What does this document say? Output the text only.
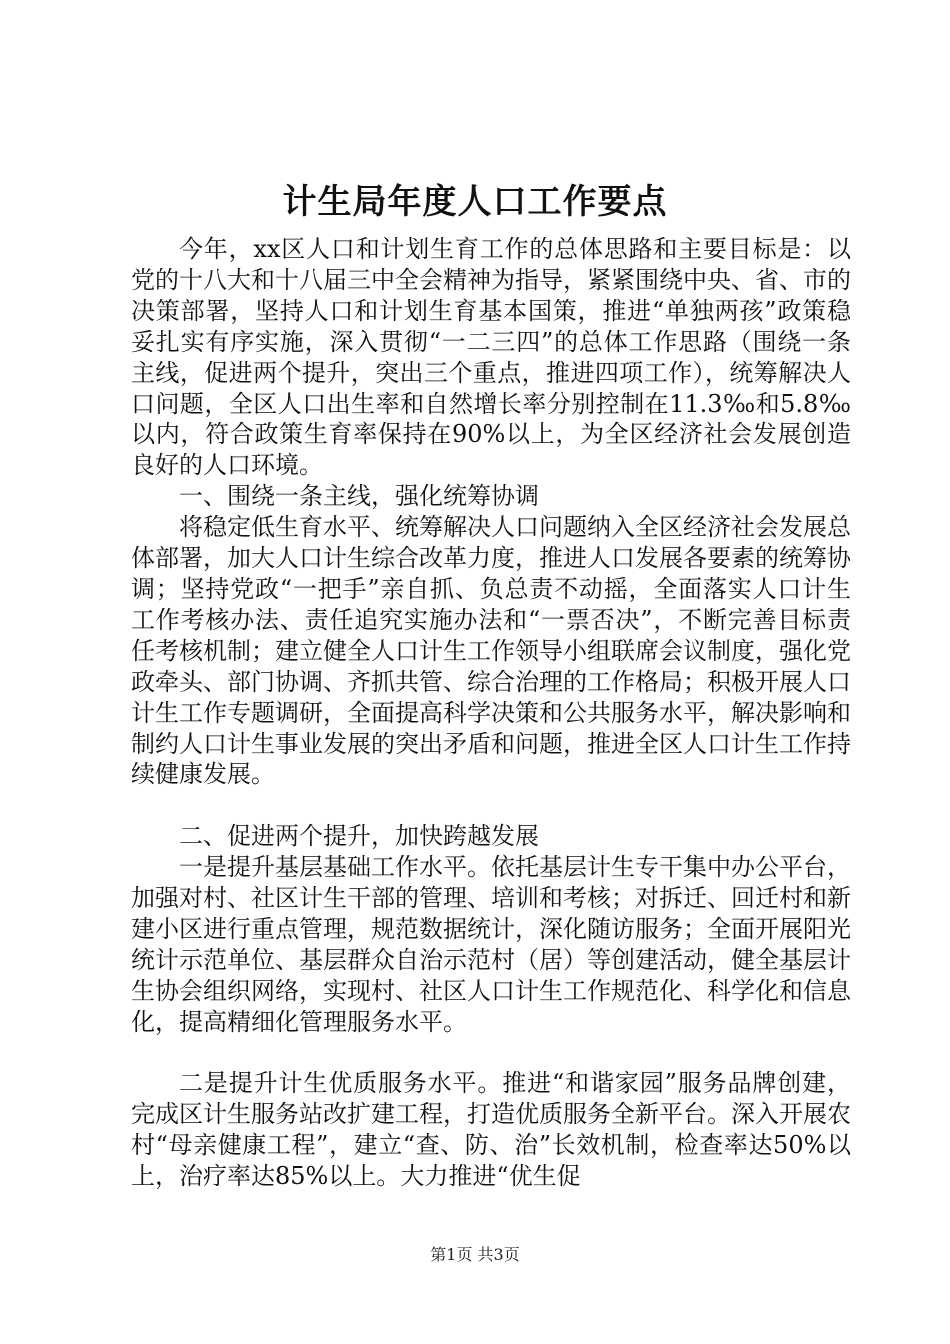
计生局年度人口工作要点

今年，xx区人口和计划生育工作的总体思路和主要目标是：以党的十八大和十八届三中全会精神为指导，紧紧围绕中央、省、市的决策部署，坚持人口和计划生育基本国策，推进“单独两孩”政策稳妥扎实有序实施，深入贯彻“一二三四”的总体工作思路（围绕一条主线，促进两个提升，突出三个重点，推进四项工作），统筹解决人口问题，全区人口出生率和自然增长率分别控制在11.3‰和5.8‰以内，符合政策生育率保持在90%以上，为全区经济社会发展创造良好的人口环境。

一、围绕一条主线，强化统筹协调

将稳定低生育水平、统筹解决人口问题纳入全区经济社会发展总体部署，加大人口计生综合改革力度，推进人口发展各要素的统筹协调；坚持党政“一把手”亲自抓、负总责不动摇，全面落实人口计生工作考核办法、责任追究实施办法和“一票否决”，不断完善目标责任考核机制；建立健全人口计生工作领导小组联席会议制度，强化党政牵头、部门协调、齐抓共管、综合治理的工作格局；积极开展人口计生工作专题调研，全面提高科学决策和公共服务水平，解决影响和制约人口计生事业发展的突出矛盾和问题，推进全区人口计生工作持续健康发展。

二、促进两个提升，加快跨越发展

一是提升基层基础工作水平。依托基层计生专干集中办公平台，加强对村、社区计生干部的管理、培训和考核；对拆迁、回迁村和新建小区进行重点管理，规范数据统计，深化随访服务；全面开展阳光统计示范单位、基层群众自治示范村（居）等创建活动，健全基层计生协会组织网络，实现村、社区人口计生工作规范化、科学化和信息化，提高精细化管理服务水平。

二是提升计生优质服务水平。推进“和谐家园”服务品牌创建，完成区计生服务站改扩建工程，打造优质服务全新平台。深入开展农村“母亲健康工程”，建立“查、防、治”长效机制，检查率达50%以上，治疗率达85%以上。大力推进“优生促

第1页 共3页
